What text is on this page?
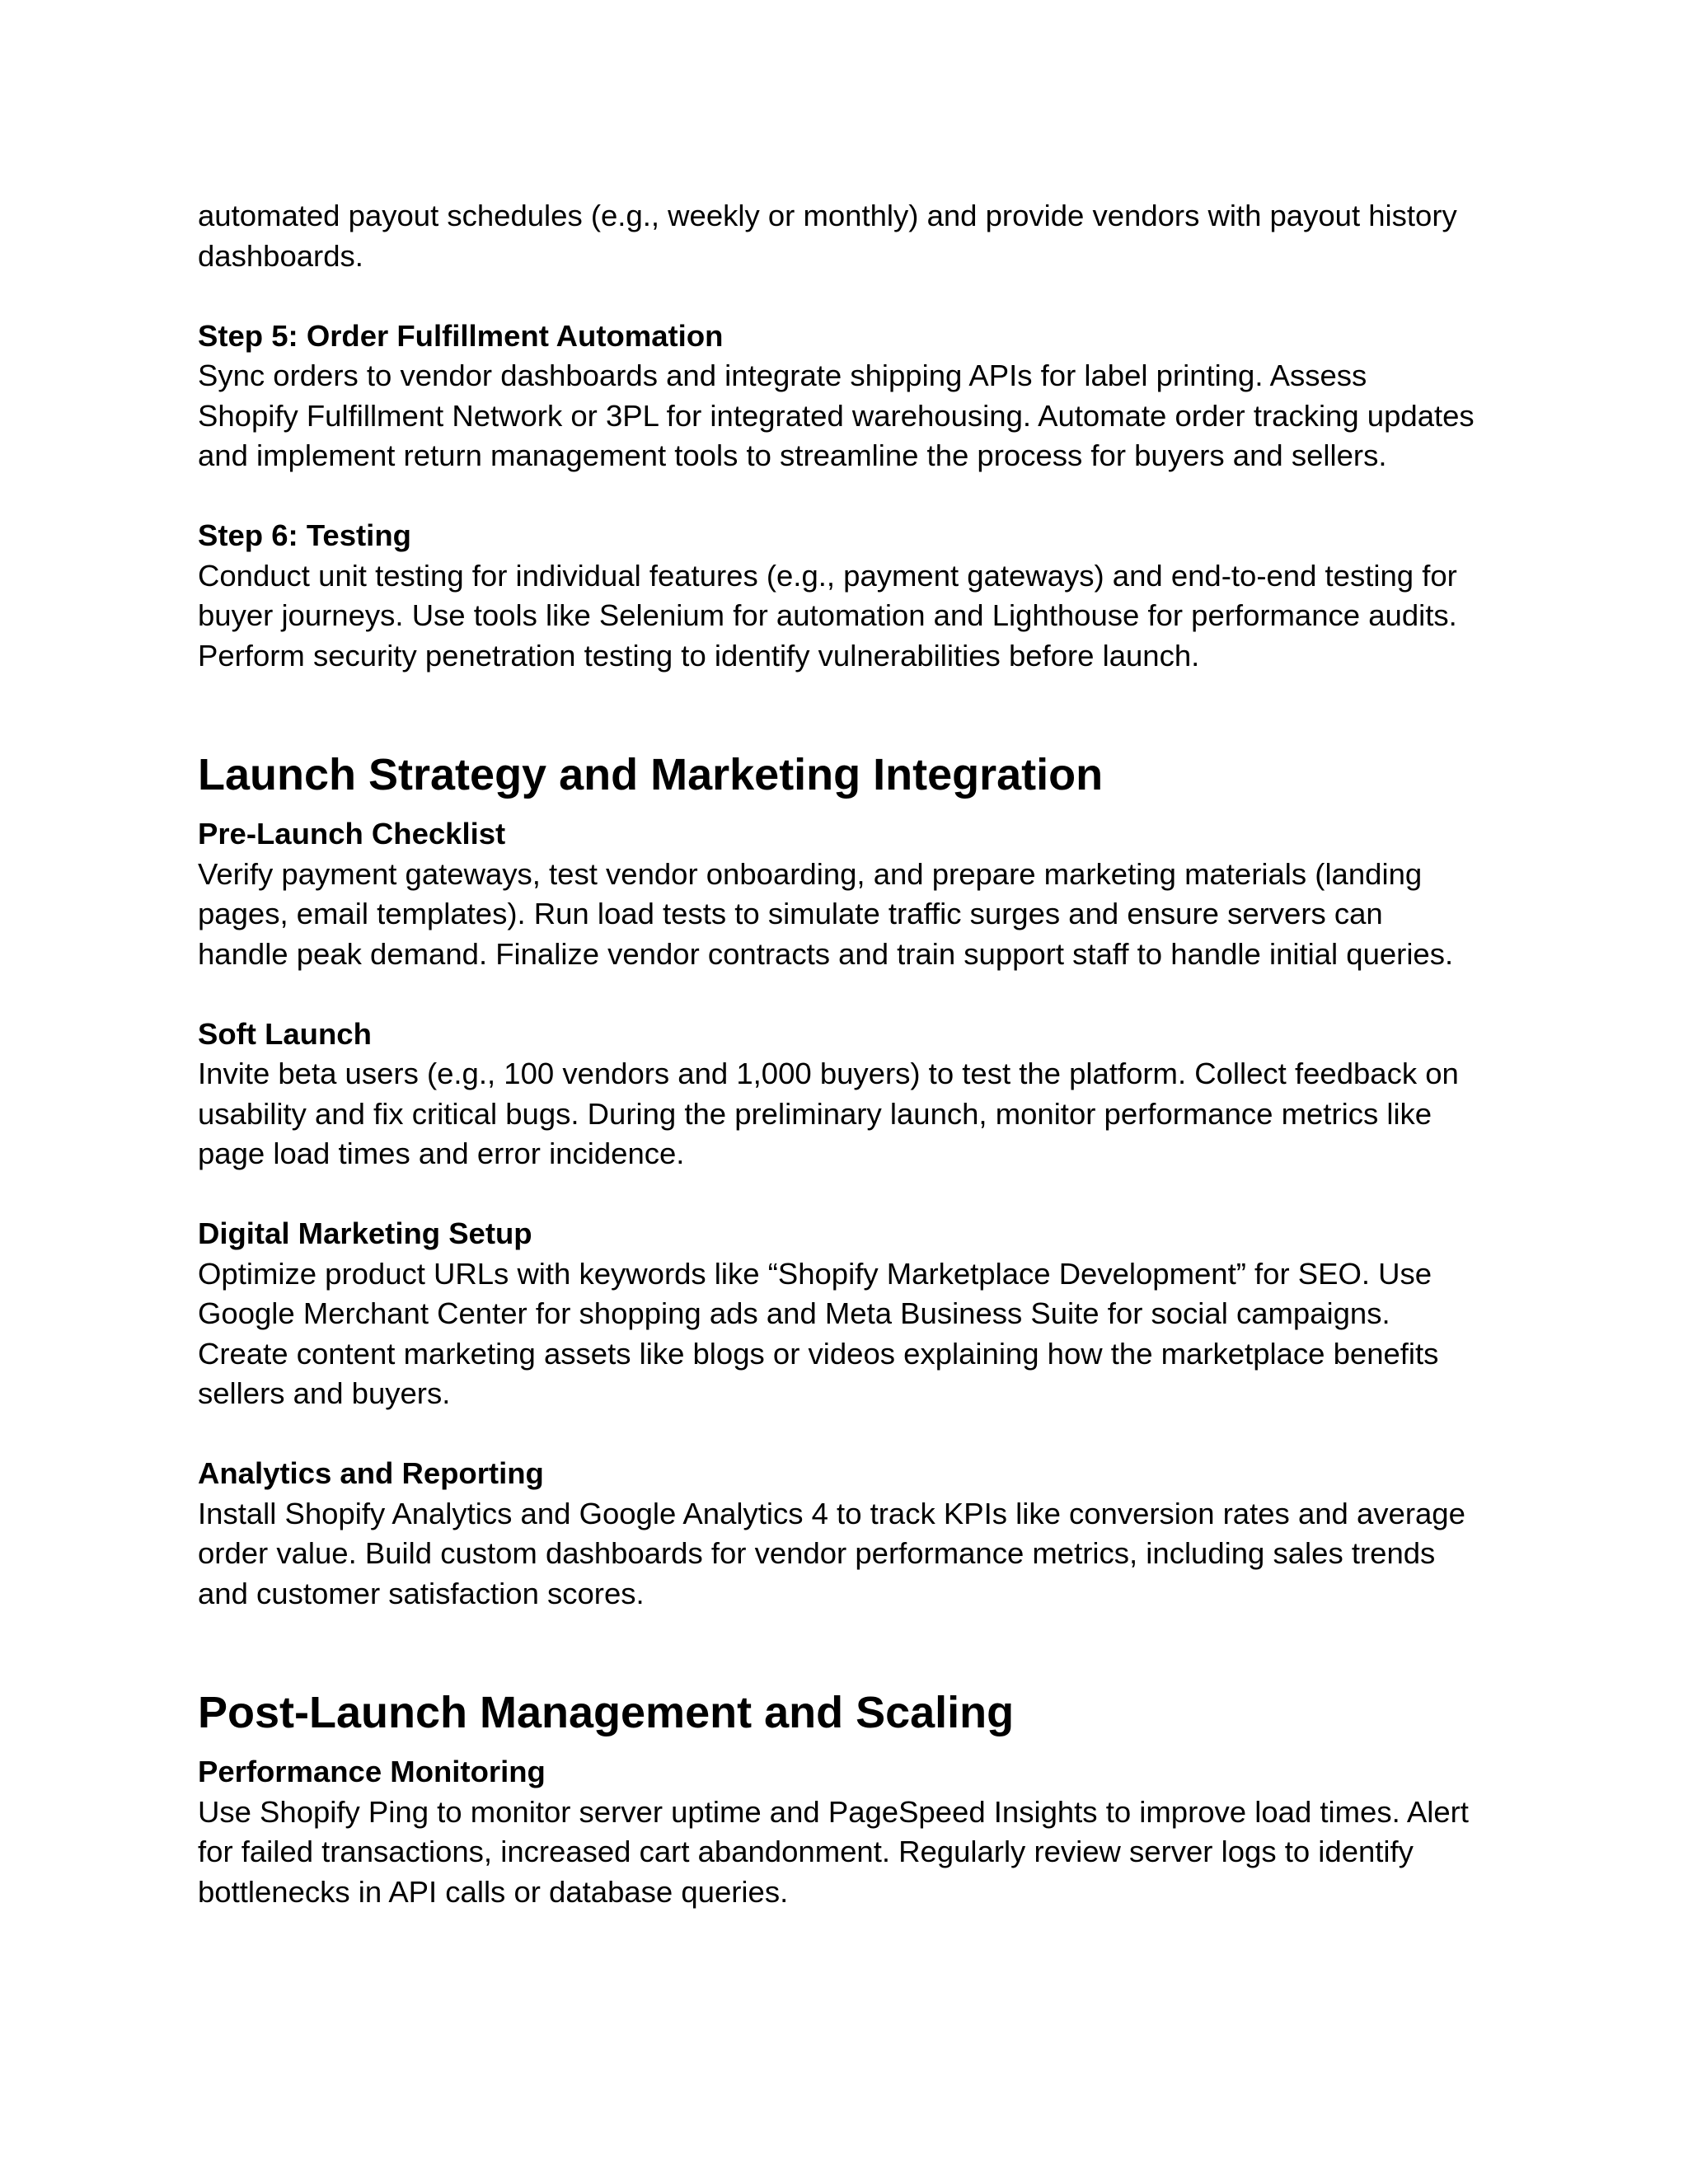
automated payout schedules (e.g., weekly or monthly) and provide vendors with payout history
dashboards.

Step 5: Order Fulfillment Automation

Sync orders to vendor dashboards and integrate shipping APIs for label printing. Assess
Shopify Fulfillment Network or 3PL for integrated warehousing. Automate order tracking updates
and implement return management tools to streamline the process for buyers and sellers.

Step 6: Testing

Conduct unit testing for individual features (e.g., payment gateways) and end-to-end testing for
buyer journeys. Use tools like Selenium for automation and Lighthouse for performance audits.
Perform security penetration testing to identify vulnerabilities before launch.

Launch Strategy and Marketing Integration
Pre-Launch Checklist

Verify payment gateways, test vendor onboarding, and prepare marketing materials (landing
pages, email templates). Run load tests to simulate traffic surges and ensure servers can
handle peak demand. Finalize vendor contracts and train support staff to handle initial queries.

Soft Launch

Invite beta users (e.g., 100 vendors and 1,000 buyers) to test the platform. Collect feedback on
usability and fix critical bugs. During the preliminary launch, monitor performance metrics like
page load times and error incidence.

Digital Marketing Setup

Optimize product URLs with keywords like “Shopify Marketplace Development” for SEO. Use
Google Merchant Center for shopping ads and Meta Business Suite for social campaigns.
Create content marketing assets like blogs or videos explaining how the marketplace benefits
sellers and buyers.

Analytics and Reporting

Install Shopify Analytics and Google Analytics 4 to track KPIs like conversion rates and average
order value. Build custom dashboards for vendor performance metrics, including sales trends
and customer satisfaction scores.

Post-Launch Management and Scaling
Performance Monitoring

Use Shopify Ping to monitor server uptime and PageSpeed Insights to improve load times. Alert
for failed transactions, increased cart abandonment. Regularly review server logs to identify
bottlenecks in API calls or database queries.
